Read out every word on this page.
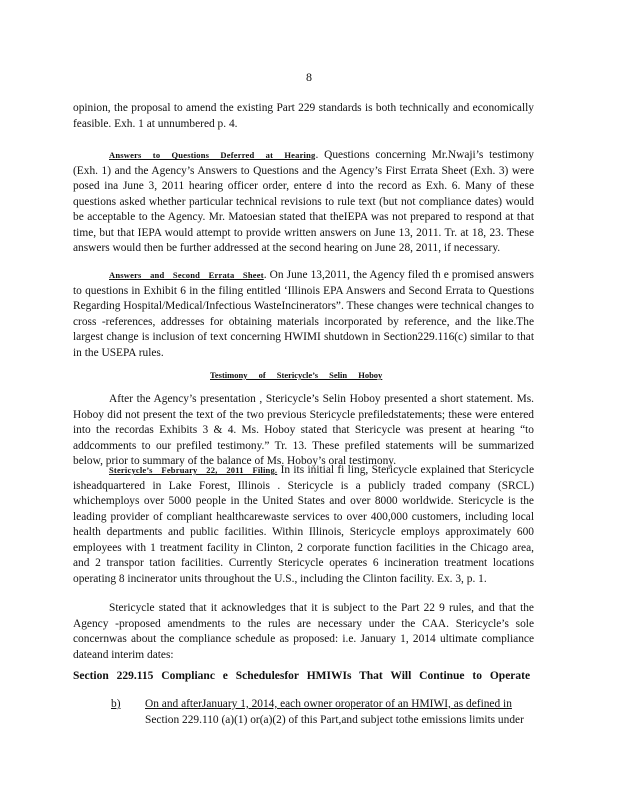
8
opinion, the proposal to amend the existing Part 229 standards is both technically and economically feasible. Exh. 1 at unnumbered p. 4.
Answers to Questions Deferred at Hearing. Questions concerning Mr.Nwaji’s testimony (Exh. 1) and the Agency’s Answers to Questions and the Agency’s First Errata Sheet (Exh. 3) were posed ina June 3, 2011 hearing officer order, entere d into the record as Exh. 6. Many of these questions asked whether particular technical revisions to rule text (but not compliance dates) would be acceptable to the Agency. Mr. Matoesian stated that theIEPA was not prepared to respond at that time, but that IEPA would attempt to provide written answers on June 13, 2011. Tr. at 18, 23. These answers would then be further addressed at the second hearing on June 28, 2011, if necessary.
Answers and Second Errata Sheet. On June 13,2011, the Agency filed th e promised answers to questions in Exhibit 6 in the filing entitled ‘Illinois EPA Answers and Second Errata to Questions Regarding Hospital/Medical/Infectious WasteIncinerators”. These changes were technical changes to cross -references, addresses for obtaining materials incorporated by reference, and the like.The largest change is inclusion of text concerning HWIMI shutdown in Section229.116(c) similar to that in the USEPA rules.
Testimony of Stericycle’s Selin Hoboy
After the Agency’s presentation , Stericycle’s Selin Hoboy presented a short statement. Ms. Hoboy did not present the text of the two previous Stericycle prefiledstatements; these were entered into the recordas Exhibits 3 & 4. Ms. Hoboy stated that Stericycle was present at hearing “to addcomments to our prefiled testimony.” Tr. 13. These prefiled statements will be summarized below, prior to summary of the balance of Ms. Hoboy’s oral testimony.
Stericycle’s February 22, 2011 Filing. In its initial fi ling, Stericycle explained that Stericycle isheadquartered in Lake Forest, Illinois . Stericycle is a publicly traded company (SRCL) whichemploys over 5000 people in the United States and over 8000 worldwide. Stericycle is the leading provider of compliant healthcarewaste services to over 400,000 customers, including local health departments and public facilities. Within Illinois, Stericycle employs approximately 600 employees with 1 treatment facility in Clinton, 2 corporate function facilities in the Chicago area, and 2 transpor tation facilities. Currently Stericycle operates 6 incineration treatment locations operating 8 incinerator units throughout the U.S., including the Clinton facility. Ex. 3, p. 1.
Stericycle stated that it acknowledges that it is subject to the Part 22 9 rules, and that the Agency -proposed amendments to the rules are necessary under the CAA. Stericycle’s sole concernwas about the compliance schedule as proposed: i.e. January 1, 2014 ultimate compliance dateand interim dates:
Section 229.115 Complianc e Schedulesfor HMIWIs That Will Continue to Operate
b) On and afterJanuary 1, 2014, each owner oroperator of an HMIWI, as defined in
Section 229.110 (a)(1) or(a)(2) of this Part,and subject tothe emissions limits under
